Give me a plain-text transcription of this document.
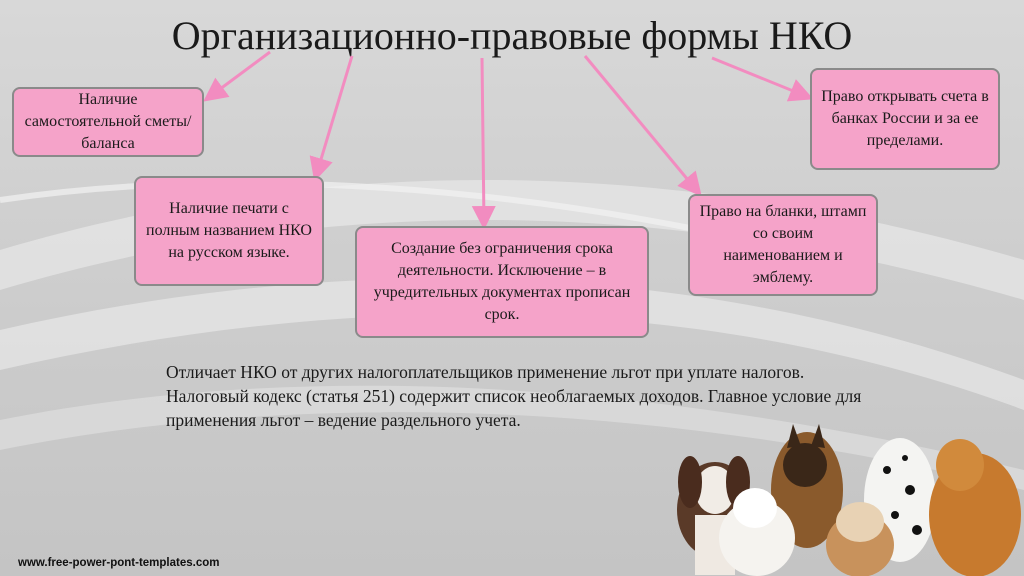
Организационно-правовые формы НКО
Наличие самостоятельной сметы/баланса
Наличие печати с полным названием НКО на русском языке.	Создание без ограничения срока деятельности. Исключение – в учредительных документах прописан срок.
Право на бланки, штамп со своим наименованием и эмблему.
Право открывать счета в банках России и за ее пределами.
Отличает НКО от других налогоплательщиков применение льгот при уплате налогов. Налоговый кодекс (статья 251) содержит список необлагаемых доходов. Главное условие для применения льгот – ведение раздельного учета.
www.free-power-pont-templates.com
